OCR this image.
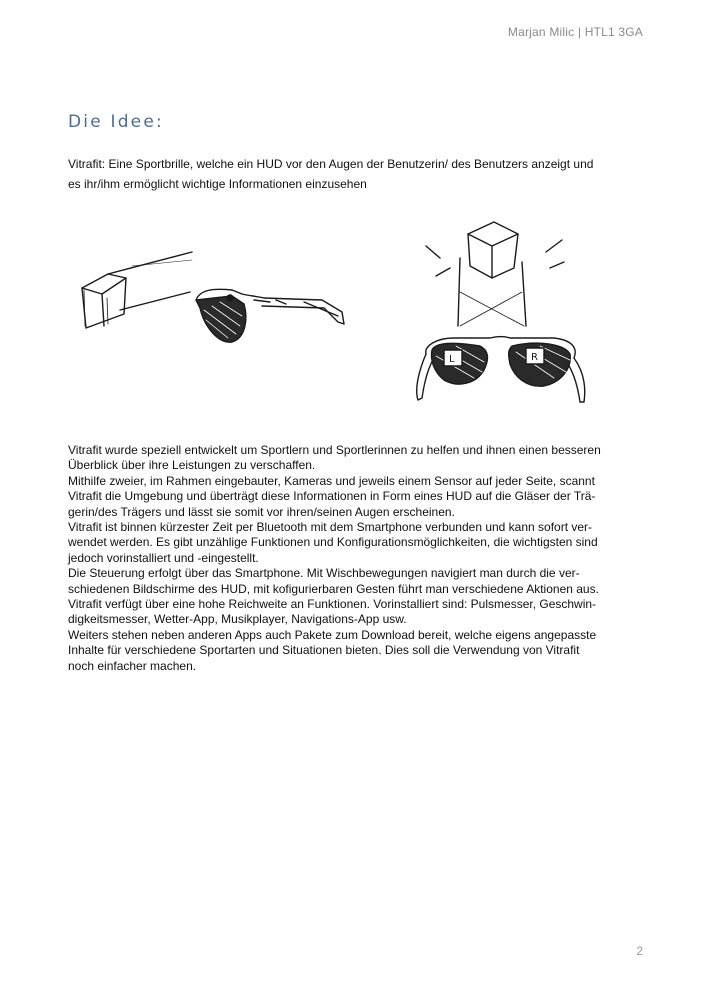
Marjan Milic | HTL1 3GA
Die Idee:
Vitrafit: Eine Sportbrille, welche ein HUD vor den Augen der Benutzerin/ des Benutzers anzeigt und
es ihr/ihm ermöglicht wichtige Informationen einzusehen
L	R

Vitrafit wurde speziell entwickelt um Sportlern und Sportlerinnen zu helfen und ihnen einen besseren

Überblick über ihre Leistungen zu verschaffen.

Mithilfe zweier, im Rahmen eingebauter, Kameras und jeweils einem Sensor auf jeder Seite, scannt

Vitrafit die Umgebung und überträgt diese Informationen in Form eines HUD auf die Gläser der Trä-

gerin/des Trägers und lässt sie somit vor ihren/seinen Augen erscheinen.

Vitrafit ist binnen kürzester Zeit per Bluetooth mit dem Smartphone verbunden und kann sofort ver-

wendet werden. Es gibt unzählige Funktionen und Konfigurationsmöglichkeiten, die wichtigsten sind

jedoch vorinstalliert und -eingestellt.

Die Steuerung erfolgt über das Smartphone. Mit Wischbewegungen navigiert man durch die ver-

schiedenen Bildschirme des HUD, mit kofigurierbaren Gesten führt man verschiedene Aktionen aus.

Vitrafit verfügt über eine hohe Reichweite an Funktionen. Vorinstalliert sind: Pulsmesser, Geschwin-

digkeitsmesser, Wetter-App, Musikplayer, Navigations-App usw.

Weiters stehen neben anderen Apps auch Pakete zum Download bereit, welche eigens angepasste

Inhalte für verschiedene Sportarten und Situationen bieten. Dies soll die Verwendung von Vitrafit

noch einfacher machen.

2
